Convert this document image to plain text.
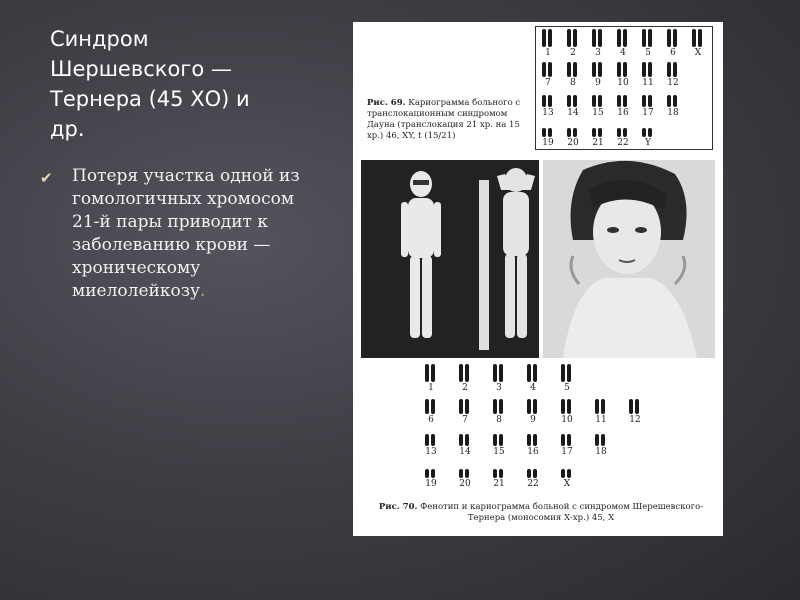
Синдром Шершевского — Тернера (45 ХО) и др.
✔ Потеря участка одной из гомологичных хромосом 21-й пары приводит к заболеванию крови — хроническому миелолейкозу.
Рис. 69. Кариограмма больного с транслокационным синдромом Дауна (транслокация 21 хр. на 15 хр.) 46, XY, t (15/21)
1	2	3	4	5	6	X
7	8	9	10	11	12
13	14	15	16	17	18
19	20	21	22	Y
1	2	3	4	5
6	7	8	9	10	11	12
13	14	15	16	17	18
19	20	21	22	X
Рис. 70. Фенотип и кариограмма больной с синдромом Шерешевского-Тернера (моносомия Х-хр.) 45, Х
